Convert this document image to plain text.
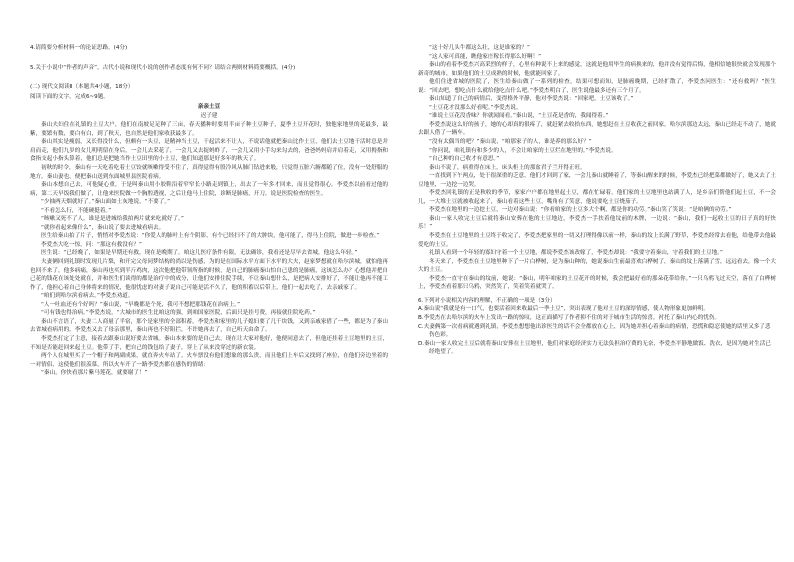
4.请简要分析材料一的论证思路。(4分)

5.关于小说中“作者的声音”，古代小说和现代小说的创作者态度有何不同？请结合两则材料简要概括。(4分)

(二) 现代文阅读Ⅱ（本题共4小题，18分）

阅读下面的文字，完成6~9题。

亲亲土豆

迟子建

秦山夫妇住在礼镇的土豆大户，他们在南坡足足种了三亩，春天播种时要用半亩子种土豆种子，夏季土豆开花时，独他家地里的花最多，最紫，要繁有数，要白有白，到了秋天，也自然是他们家收获最多了。

秦山其实是瘦弱，又长得没什么，但颇有一头豆，是精神当土豆，干起活来不让人，不说话他就把秦山比作土豆，他们去土豆地干活时总是并肩而走，他们九岁的女儿明明留在身后，一会儿去采花了，一会儿又去捉蚂蚱了，一会儿又用小手勾来勾去的，爸爸妈妈肩并肩着走，又用拇指和食指支起小指头算着，他们总是把她当作土豆田里的小土豆，他们知道那是好多年的秋天了。

初秋的时令，秦山有一天吃着吃着土豆饺就咳嗽得受不住了，真得觉得有股冷风从肺门钻进来般，只觉得五脏六腑都随了位，没有一处舒服的地方。秦山妻也，便把秦山送到东面城里县医院看病。

秦山本想自己去，可他疑心重，于是叫秦山用小胶鞋沿着窄窄长小路走到镇上，出去了一年多才回来，而且觉得很心。李爱杰以前看过他的病，第二天早饭我们做了，让他来医院做一个胸腔透视，之后让他马上住院，诊断是肺癌，开刀，说是医院检查的医生。

“少抽两天烟就好了。”秦山面如土灰地说，“不要了。”

“不看怎么行，不能硬挺着。”

“咳嗽又死不了人。谁是是进城给我拍两片就来吃就好了。”

“就你看起来像什么”，秦山说了要去进城看病去。

医生给秦山拍了片子，悄悄对李爱杰说：“你爱人的肺叶上有个阴影，有个已经扫不了的大肿块，他可能了，得马上住院，做进一步检查。”

李爱杰大吃一惊，问：“那这有救没有？”

医生说：“已经晚了，如果是早期还有救，现在是晚期了。咱这儿医疗条件有限，无法确诊，我看还是尽早去省城，他这么年轻。”

夫妻俩回到礼镇时发现几片梨，和开完父母同梦结构的尚以是伤感，为的是在国际水平方面下水平的大夫，赵家梦想就在哈尔滨城，就怕他再也回不来了，他多病痛，秦山再也买到半斤鸡肉，这次他把他带领所指的时候，是自己的肺癌秦山怕自己患的是肺癌，这该怎么办？心想他并把自己花的钱花在该处处就在，并和医生们谈得的都是治疗中的成分，让他们安排住院手续，不让秦山想什么，是把病人安排好了，不能让他再不能工作了，他担心着自己身体将来的情况，他很忧虑的对妻子说自己可能是活不久了，他的积蓄以后带上，他们一起去吃了，去亲戚家了。

“咱们到哈尔滨看病去。”李爱杰劝道。

“人一吐血还有个好吗？”秦山说，“早晚都是个死，我可不想把那钱花在治病上。”

“可有钱也得治病。”李爱杰说，“大城市的医生比咱这的强，到咱国家医院，后面只是挂号费，再接就住院吃药。”

秦山不言语了，夫妻二人商量了半宿，那个是家里的全部积蓄，李爱杰和家里的儿子媳妇要了几千块钱，又到亲戚家借了一些，都是为了秦山去省城看病用的，李爱杰又去了母亲那里，秦山再也不好阻拦，不许她再去了，自己听天由命了。

李爱杰打定了主意，接着去跟秦山说好要去省城。秦山本来要的是自己去，现在让大家对他好，他便同意去了，但他还挂着土豆地里的土豆，不知是否能赶回来起土豆。他带了手，把自己的钱包给了妻子，穿上了从来没穿过的新衣裳。

两个人在城里买了一个帽子和两副成果，就直奔火车站了。火车票没有他们想象的那么贵，而且他们上车后又找到了座位，在他们旁边坐着的一对情侣，这使他们很羡慕，所以火车开了一路李爱杰都在感伤的情绪：

“秦山，你快看那片紫马莲花，就要谢了！”

“这十好几头牛都这么壮，这是谁家的？”

“这人家可真能，瞧他家庄稼长得那么好啊！”

秦山的看着李爱杰兴高采烈的样子，心里有种说不上来的感觉，这就是他用毕生的病换来的，他并没有觉得后悔，他相信她很快就会发现那个新奇的城市，如果他们的土豆成熟的时候，他就能回家了。

他们住进省城的医院了，医生给秦山做了一系列的检查，结果可想而知，是肺癌晚期，已经扩散了，李爱杰问医生：“还有救吗？”医生说：“回去吧，想吃点什么就给他吃点什么吧。”李爱杰明白了，医生说他最多还有三个月了。

秦山知道了自己的病情后，变得格外平静，他对李爱杰说：“回家吧，土豆该收了。”

“土豆花才没那么好看呢。”李爱杰说。

“谁说土豆花没香味？你就闻闻看。”秦山说，“土豆花是香的，我闻得着。”

李爱杰说这么好的孩子，她的心却真的很疼了，就赶紧去收拾东西，她想赶在土豆收获之前回家。哈尔滨那边太远，秦山已经走不动了，她就去跟人借了一辆车。

“没有太偶当的吧？”秦山说，“咱那家子的人，谁是养的那么好？”

“你问说，咱礼镇有和多少的人，不会让咱家的土豆烂在地里的。”李爱杰说。

“自己种的自己收才有意思。”

秦山不说了，病重得在床上，床头柜上的那盆君子兰开得正旺。

一直找到下午两点，处于很深重的乏意，他们才回到了家，一会儿秦山就睡着了，等秦山醒来的时候，李爱杰已经把菜都做好了，她又去了土豆地里，一边挖一边哭。

李爱杰回礼镇的正是秋收的季节，家家户户都在地里起土豆，都在忙碌着，他们家的土豆地里也站满了人，是乡亲们帮他们起土豆，不一会儿，一大堆土豆就被收起来了，秦山看着这些土豆，嘴角有了笑意，他说要吃土豆烧茄子。

李爱杰在地里的一边挖土豆，一边对秦山说：“你看咱家的土豆多大个啊，都是你的功劳。”秦山笑了笑说：“是咱俩的功劳。”

秦山一家人收完土豆后就将秦山安葬在他的土豆地边，李爱杰一手扶着他坟前的木牌，一边说：“秦山，我们一起收土豆的日子真的好快乐！”

李爱杰在土豆地里的土豆终于收完了，李爱杰把家里的一切又打理得像以前一样，秦山的坟上长满了野草，李爱杰经常去看他，给他带去他最爱吃的土豆。

礼镇人看到一个年轻的寡妇守着一个土豆地，都说李爱杰该改嫁了，李爱杰却说：“我要守着秦山，守着我们的土豆地。”

冬天来了，李爱杰在土豆地里种下了一片白桦树，是为秦山种的，她说秦山生前最喜欢白桦树了，秦山的坟上落满了雪，远远看去，像一个大大的土豆。

李爱杰一直守在秦山的坟前，她说：“秦山，明年咱家的土豆花开的时候，我会把最好看的那朵花带给你。”一只乌鸦飞过天空，落在了白桦树上，李爱杰看着那只乌鸦，突然笑了，笑着笑着就哭了。

6.下列对小说相关内容的理解，不正确的一项是（3分）

A.秦山说“我就是有一口气，也要活着回来收最后一季土豆”，突出表现了他对土豆的深厚情感，使人物形象更加鲜明。

B.李爱杰在去哈尔滨的火车上发出一路的惊叹，这正面描写了作者抑不住的对于城市生活的惊喜，衬托了秦山内心的忧伤。

C.夫妻俩第一次看病就遇到礼镇，李爱杰想想他出诊医生的话不会全都放在心上，因为她并担心着秦山的病情，恐慌和隐忍使她的话里又多了悲伤色彩。

D.秦山一家人收完土豆后就将秦山安葬在土豆地里，他们对家庭经济实力无法负担治疗费的无奈，李爱杰平静地做饭、洗衣，是因为她对生活已经绝望了。
